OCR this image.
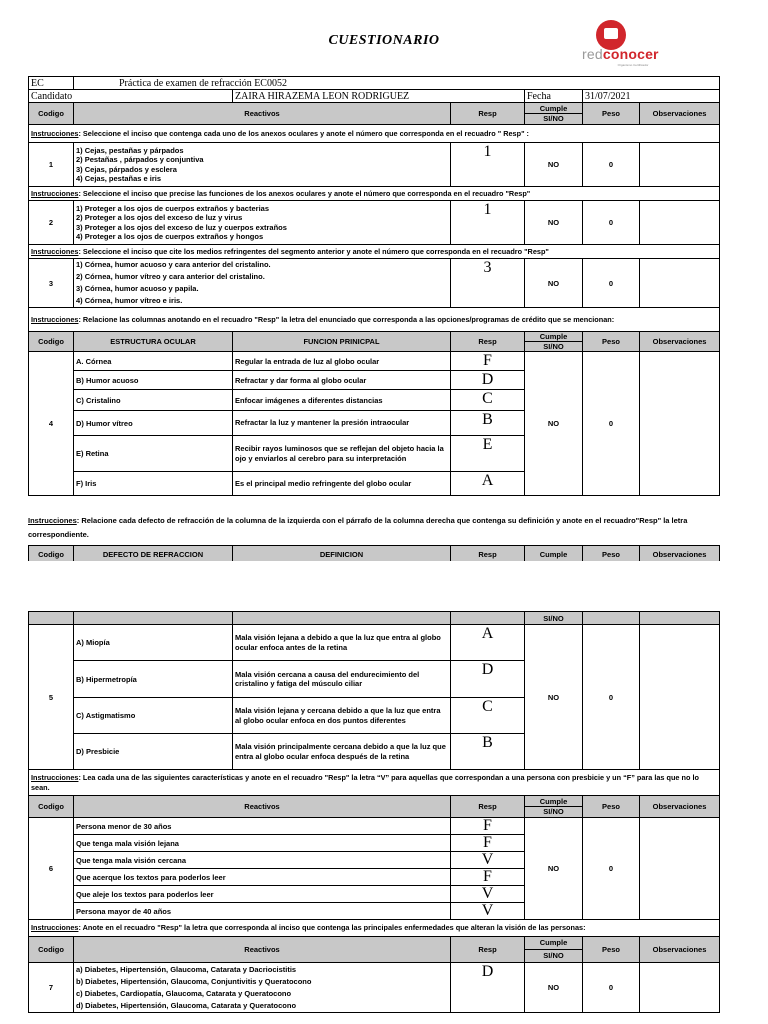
CUESTIONARIO
redconocer
Organismo Certificador
EC	Práctica de examen de refracción EC0052					
Candidato		ZAIRA HIRAZEMA LEON RODRIGUEZ		Fecha	31/07/2021	
Codigo	Reactivos		Resp	Cumple
SI/NO	Peso	Observaciones
Instrucciones: Seleccione el inciso que contenga cada uno de los anexos oculares y anote el número que corresponda en el recuadro " Resp" :						
1	1) Cejas, pestañas y párpados
2) Pestañas , párpados y conjuntiva
3) Cejas, párpados y esclera
4) Cejas, pestañas e iris		1	NO	0	
Instrucciones: Seleccione el inciso que precise las funciones de los anexos oculares y anote el número que corresponda en el recuadro "Resp"						
2	1) Proteger a los ojos de cuerpos extraños y bacterias
2) Proteger a los ojos del exceso de luz y virus
3) Proteger a los ojos del exceso de luz y cuerpos extraños
4) Proteger a los ojos de cuerpos extraños y hongos		1	NO	0	
Instrucciones: Seleccione el inciso que cite los medios refringentes del segmento anterior y anote el número que corresponda en el recuadro "Resp"						
3	1) Córnea, humor acuoso y cara anterior del cristalino.
2) Córnea, humor vítreo y cara anterior del cristalino.
3) Córnea, humor acuoso y papila.
4) Córnea, humor vítreo e iris.		3	NO	0	
Instrucciones: Relacione las columnas anotando en el recuadro "Resp" la letra del enunciado que corresponda a las opciones/programas de crédito que se mencionan:						
Codigo	ESTRUCTURA OCULAR	FUNCION PRINICPAL	Resp	Cumple
SI/NO	Peso	Observaciones
4	A. Córnea	Regular la entrada de luz al globo ocular	F	NO	0	
	B) Humor acuoso	Refractar y dar forma al globo ocular	D			
	C) Cristalino	Enfocar imágenes a diferentes distancias	C			
	D) Humor vítreo	Refractar la luz y mantener la presión intraocular	B			
	E) Retina	Recibir rayos luminosos que se reflejan del objeto hacia la ojo y enviarlos al cerebro para su interpretación	E			
	F) Iris	Es el principal medio refringente del globo ocular	A			
Instrucciones: Relacione cada defecto de refracción de la columna de la izquierda con el párrafo de la columna derecha que contenga su definición y anote en el recuadro"Resp" la letra correspondiente.
Codigo	DEFECTO DE REFRACCION	DEFINICION	Resp	Cumple	Peso	Observaciones
				SI/NO		
5	A) Miopía	Mala visión lejana a debido a que la luz que entra al globo ocular enfoca antes de la retina	A	NO	0	
	B) Hipermetropía	Mala visión cercana a causa del endurecimiento del cristalino y fatiga del músculo ciliar	D			
	C) Astigmatismo	Mala visión lejana y cercana debido a que la luz que entra al globo ocular enfoca en dos puntos diferentes	C			
	D) Presbicie	Mala visión principalmente cercana debido a que la luz que entra al globo ocular enfoca después de la retina	B			
Instrucciones: Lea cada una de las siguientes características y anote en el recuadro "Resp" la letra “V” para aquellas que correspondan a una persona con presbicie y un “F” para las que no lo sean.						
Codigo	Reactivos		Resp	Cumple
SI/NO	Peso	Observaciones
6	Persona menor de 30 años		F	NO	0	
	Que tenga mala visión lejana		F			
	Que tenga mala visión cercana		V			
	Que acerque los textos para poderlos leer		F			
	Que aleje los textos para poderlos leer		V			
	Persona mayor de 40 años		V			
Instrucciones: Anote en el recuadro "Resp" la letra que corresponda al inciso que contenga las principales enfermedades que alteran la visión de las personas:						
Codigo	Reactivos		Resp	Cumple
SI/NO	Peso	Observaciones
7	a) Diabetes, Hipertensión, Glaucoma, Catarata y Dacriocistitis
b) Diabetes, Hipertensión, Glaucoma, Conjuntivitis y Queratocono
c) Diabetes, Cardiopatía, Glaucoma, Catarata y Queratocono
d) Diabetes, Hipertensión, Glaucoma, Catarata y Queratocono		D	NO	0	
